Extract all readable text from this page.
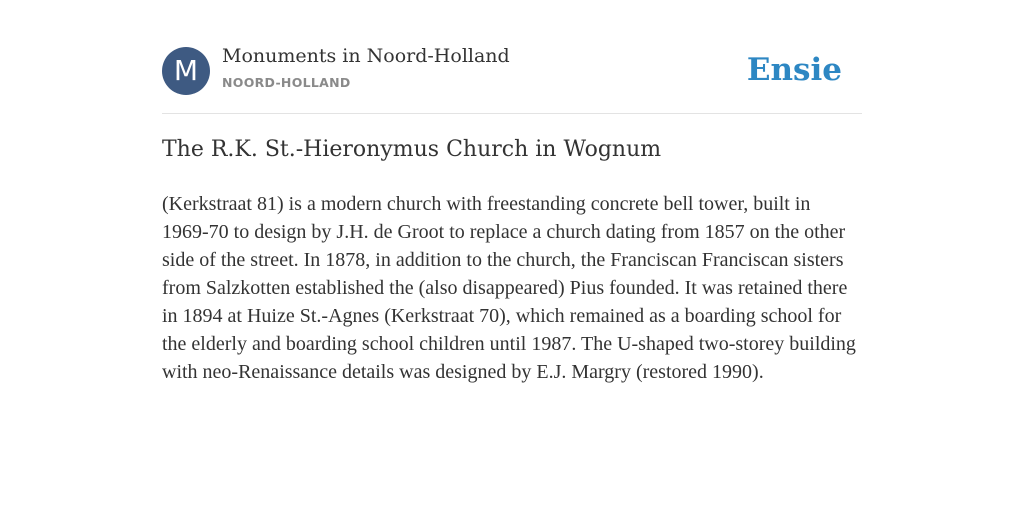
M	Monuments in Noord-Holland
NOORD-HOLLAND	Ensie
The R.K. St.-Hieronymus Church in Wognum

(Kerkstraat 81) is a modern church with freestanding concrete bell tower, built in 1969-70 to design by J.H. de Groot to replace a church dating from 1857 on the other side of the street. In 1878, in addition to the church, the Franciscan Franciscan sisters from Salzkotten established the (also disappeared) Pius founded. It was retained there in 1894 at Huize St.-Agnes (Kerkstraat 70), which remained as a boarding school for the elderly and boarding school children until 1987. The U-shaped two-storey building with neo-Renaissance details was designed by E.J. Margry (restored 1990).
